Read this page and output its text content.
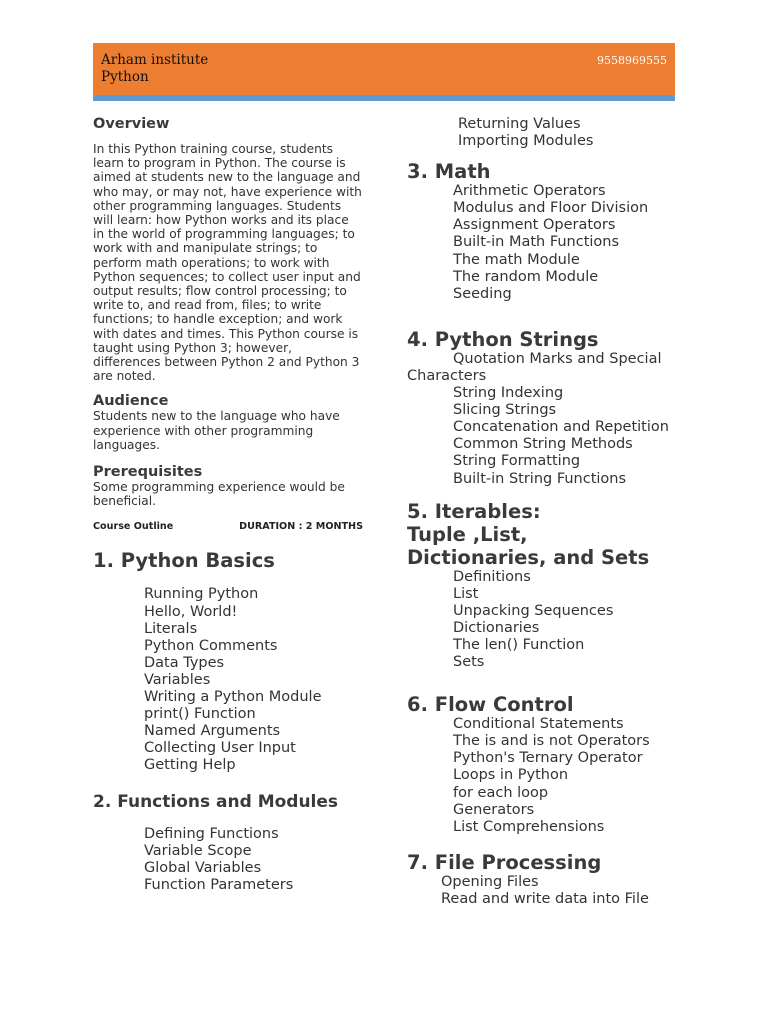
Arham institute
Python
9558969555
Overview

In this Python training course, students learn to program in Python. The course is aimed at students new to the language and who may, or may not, have experience with other programming languages. Students will learn: how Python works and its place in the world of programming languages; to work with and manipulate strings; to perform math operations; to work with Python sequences; to collect user input and output results; flow control processing; to write to, and read from, files; to write functions; to handle exception; and work with dates and times. This Python course is taught using Python 3; however, differences between Python 2 and Python 3 are noted.

Audience

Students new to the language who have experience with other programming languages.

Prerequisites

Some programming experience would be beneficial.

Course Outline	DURATION : 2 MONTHS
1. Python Basics
Running Python
Hello, World!
Literals
Python Comments
Data Types
Variables
Writing a Python Module
print() Function
Named Arguments
Collecting User Input
Getting Help
2. Functions and Modules
Defining Functions
Variable Scope
Global Variables
Function Parameters
Returning Values
Importing Modules
3. Math
Arithmetic Operators
Modulus and Floor Division
Assignment Operators
Built-in Math Functions
The math Module
The random Module
Seeding
4. Python Strings
Quotation Marks and Special Characters
String Indexing
Slicing Strings
Concatenation and Repetition
Common String Methods
String Formatting
Built-in String Functions
5. Iterables:
Tuple ,List,
Dictionaries, and Sets
Definitions
List
Unpacking Sequences
Dictionaries
The len() Function
Sets
6. Flow Control
Conditional Statements
The is and is not Operators
Python's Ternary Operator
Loops in Python
for each loop
Generators
List Comprehensions
7. File Processing
Opening Files
Read and write data into File
